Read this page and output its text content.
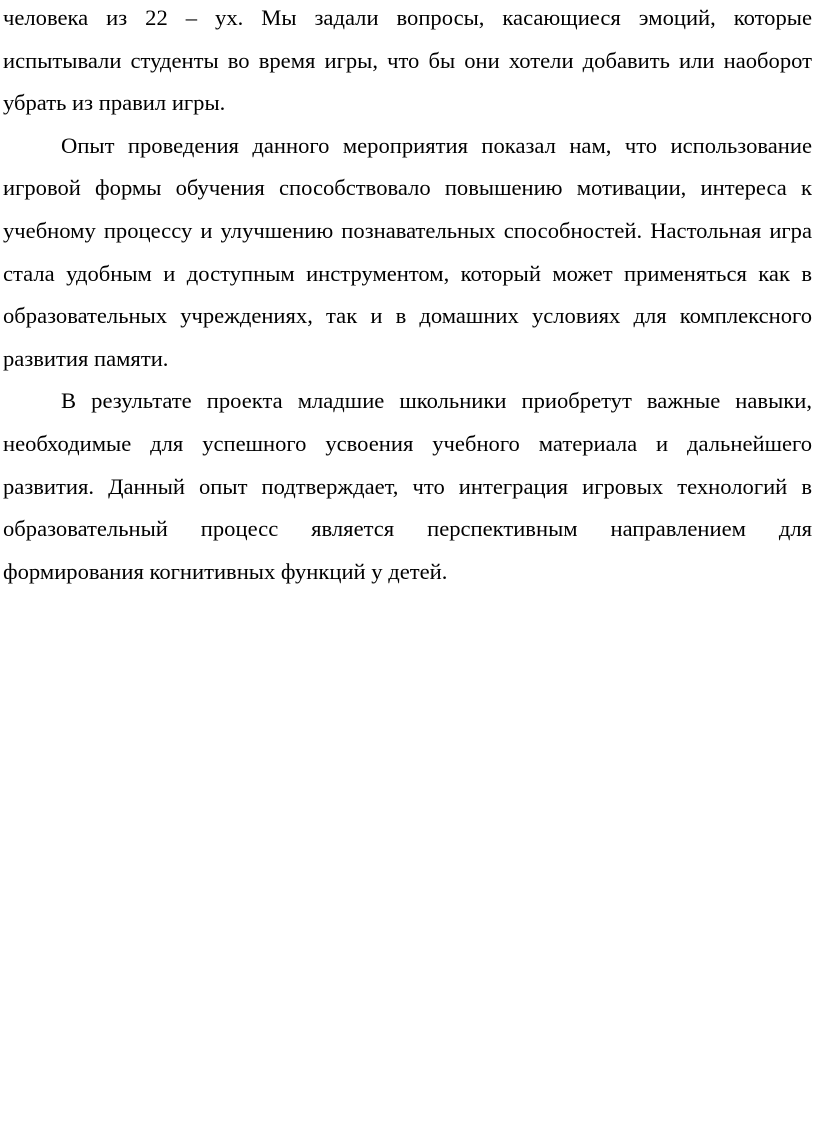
человека из 22 – ух. Мы задали вопросы, касающиеся эмоций, которые испытывали студенты во время игры, что бы они хотели добавить или наоборот убрать из правил игры.

Опыт проведения данного мероприятия показал нам, что использование игровой формы обучения способствовало повышению мотивации, интереса к учебному процессу и улучшению познавательных способностей. Настольная игра стала удобным и доступным инструментом, который может применяться как в образовательных учреждениях, так и в домашних условиях для комплексного развития памяти.

В результате проекта младшие школьники приобретут важные навыки, необходимые для успешного усвоения учебного материала и дальнейшего развития. Данный опыт подтверждает, что интеграция игровых технологий в образовательный процесс является перспективным направлением для формирования когнитивных функций у детей.
